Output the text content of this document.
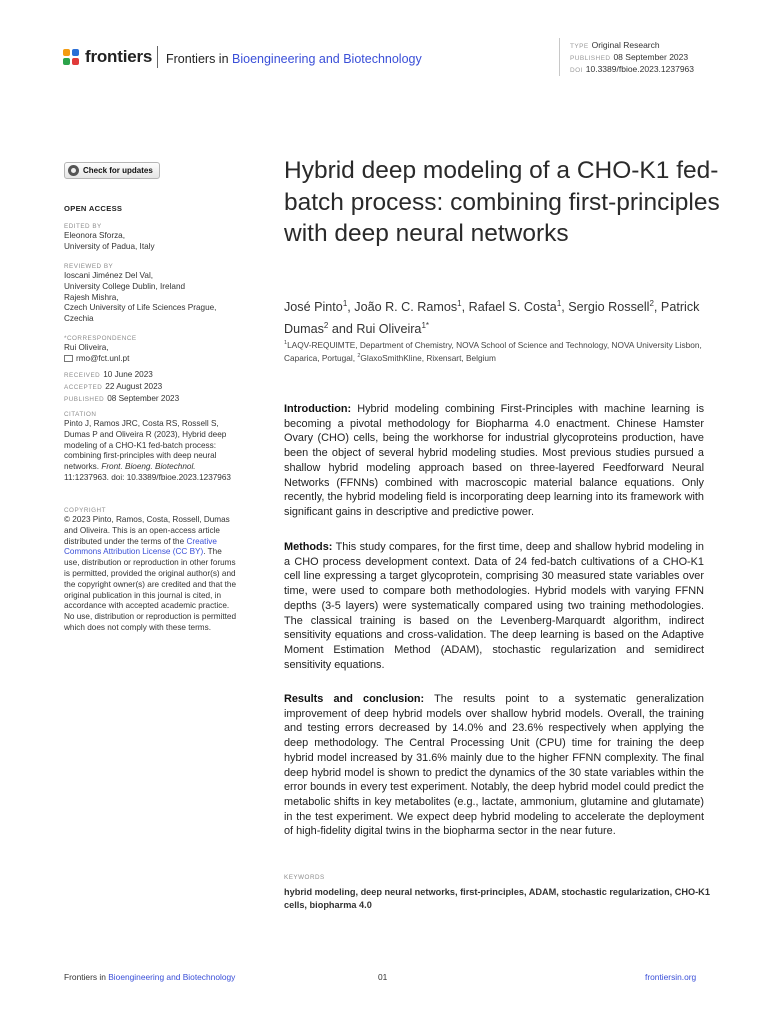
frontiers Frontiers in Bioengineering and Biotechnology
TYPE Original Research
PUBLISHED 08 September 2023
DOI 10.3389/fbioe.2023.1237963
Check for updates
OPEN ACCESS
EDITED BY
Eleonora Sforza,
University of Padua, Italy
REVIEWED BY
Ioscani Jiménez Del Val,
University College Dublin, Ireland
Rajesh Mishra,
Czech University of Life Sciences Prague, Czechia
*CORRESPONDENCE
Rui Oliveira,
rmo@fct.unl.pt
RECEIVED 10 June 2023
ACCEPTED 22 August 2023
PUBLISHED 08 September 2023
CITATION
Pinto J, Ramos JRC, Costa RS, Rossell S, Dumas P and Oliveira R (2023), Hybrid deep modeling of a CHO-K1 fed-batch process: combining first-principles with deep neural networks. Front. Bioeng. Biotechnol. 11:1237963. doi: 10.3389/fbioe.2023.1237963
COPYRIGHT
© 2023 Pinto, Ramos, Costa, Rossell, Dumas and Oliveira. This is an open-access article distributed under the terms of the Creative Commons Attribution License (CC BY). The use, distribution or reproduction in other forums is permitted, provided the original author(s) and the copyright owner(s) are credited and that the original publication in this journal is cited, in accordance with accepted academic practice. No use, distribution or reproduction is permitted which does not comply with these terms.
Hybrid deep modeling of a CHO-K1 fed-batch process: combining first-principles with deep neural networks
José Pinto$^1$, João R. C. Ramos$^1$, Rafael S. Costa$^1$, Sergio Rossell$^2$, Patrick Dumas$^2$ and Rui Oliveira$^{1*}$
$^1$LAQV-REQUIMTE, Department of Chemistry, NOVA School of Science and Technology, NOVA University Lisbon, Caparica, Portugal, $^2$GlaxoSmithKline, Rixensart, Belgium

Introduction: Hybrid modeling combining First-Principles with machine learning is becoming a pivotal methodology for Biopharma 4.0 enactment. Chinese Hamster Ovary (CHO) cells, being the workhorse for industrial glycoproteins production, have been the object of several hybrid modeling studies. Most previous studies pursued a shallow hybrid modeling approach based on three-layered Feedforward Neural Networks (FFNNs) combined with macroscopic material balance equations. Only recently, the hybrid modeling field is incorporating deep learning into its framework with significant gains in descriptive and predictive power.

Methods: This study compares, for the first time, deep and shallow hybrid modeling in a CHO process development context. Data of 24 fed-batch cultivations of a CHO-K1 cell line expressing a target glycoprotein, comprising 30 measured state variables over time, were used to compare both methodologies. Hybrid models with varying FFNN depths (3-5 layers) were systematically compared using two training methodologies. The classical training is based on the Levenberg-Marquardt algorithm, indirect sensitivity equations and cross-validation. The deep learning is based on the Adaptive Moment Estimation Method (ADAM), stochastic regularization and semidirect sensitivity equations.

Results and conclusion: The results point to a systematic generalization improvement of deep hybrid models over shallow hybrid models. Overall, the training and testing errors decreased by 14.0% and 23.6% respectively when applying the deep methodology. The Central Processing Unit (CPU) time for training the deep hybrid model increased by 31.6% mainly due to the higher FFNN complexity. The final deep hybrid model is shown to predict the dynamics of the 30 state variables within the error bounds in every test experiment. Notably, the deep hybrid model could predict the metabolic shifts in key metabolites (e.g., lactate, ammonium, glutamine and glutamate) in the test experiment. We expect deep hybrid modeling to accelerate the deployment of high-fidelity digital twins in the biopharma sector in the near future.

KEYWORDS
hybrid modeling, deep neural networks, first-principles, ADAM, stochastic regularization, CHO-K1 cells, biopharma 4.0
Frontiers in Bioengineering and Biotechnology	01	frontiersin.org
